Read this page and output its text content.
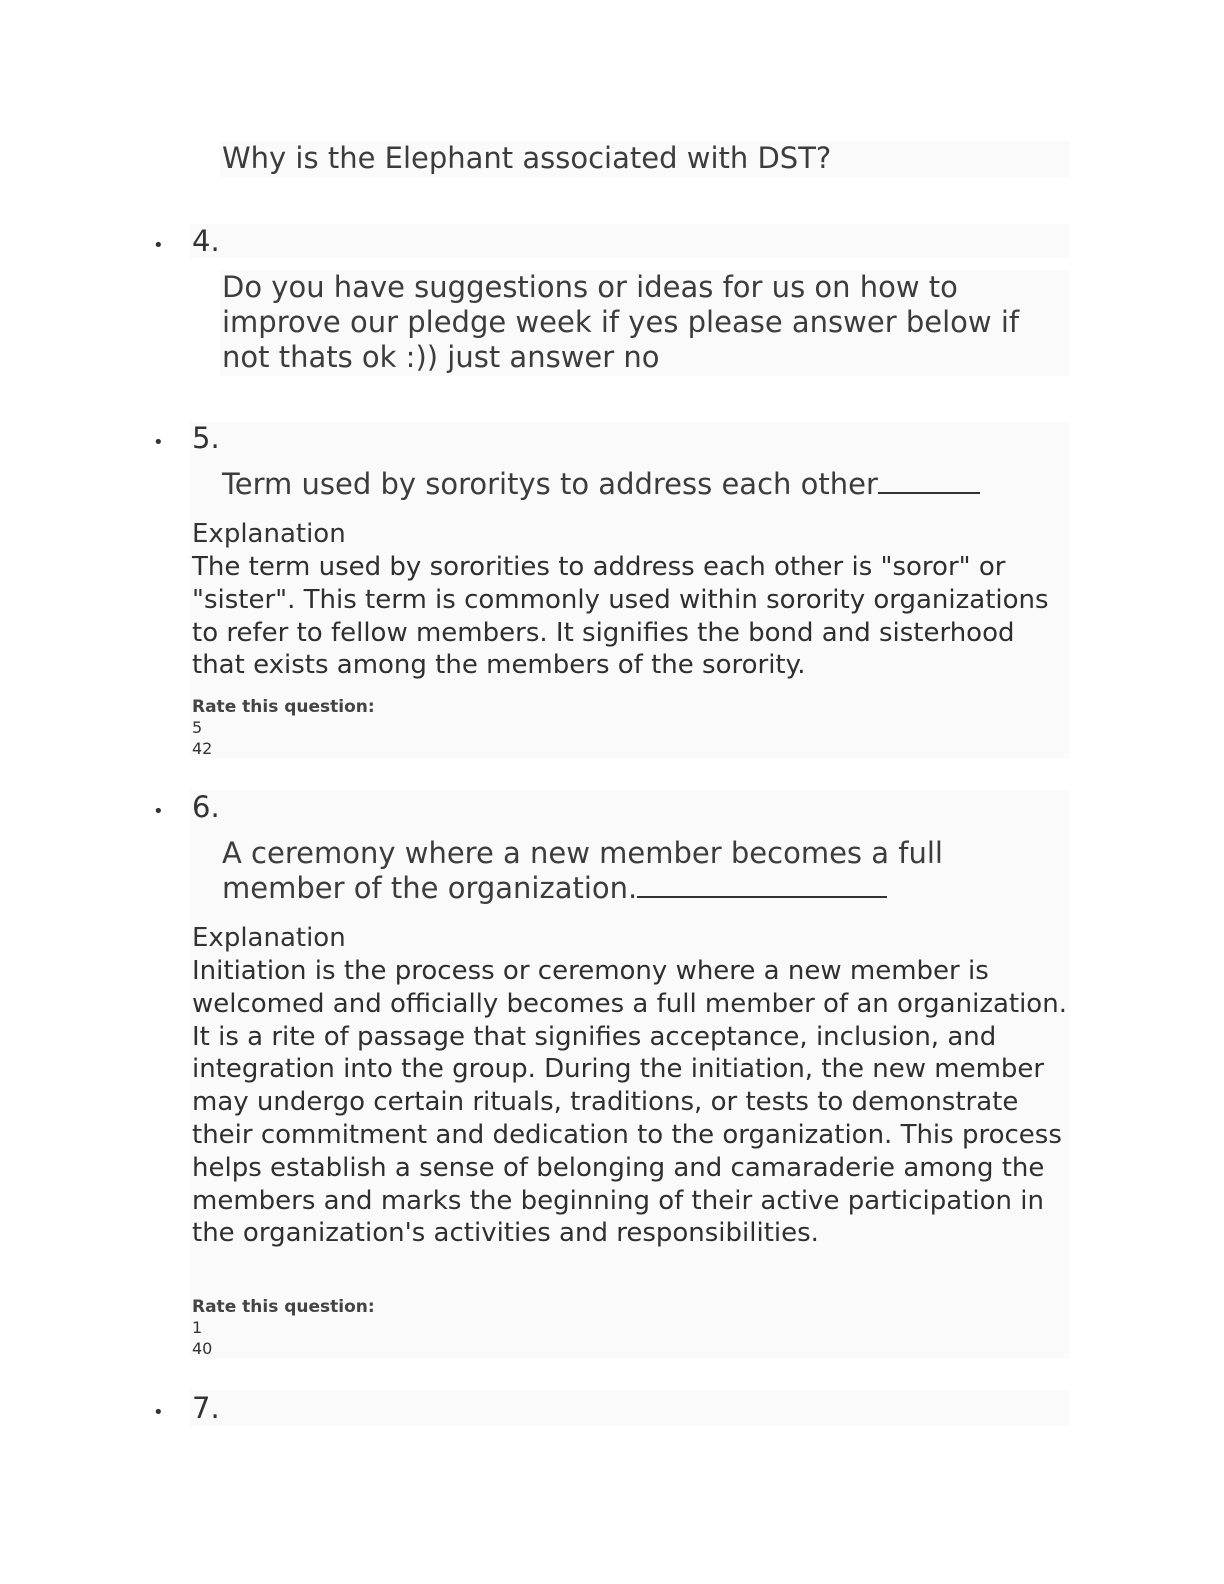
Why is the Elephant associated with DST?

• 4.

Do you have suggestions or ideas for us on how to improve our pledge week if yes please answer below if not thats ok :)) just answer no

• 5.

Term used by sororitys to address each other

Explanation

The term used by sororities to address each other is "soror" or "sister". This term is commonly used within sorority organizations to refer to fellow members. It signifies the bond and sisterhood that exists among the members of the sorority.

Rate this question:

5

42

• 6.

A ceremony where a new member becomes a full member of the organization.

Explanation

Initiation is the process or ceremony where a new member is welcomed and officially becomes a full member of an organization. It is a rite of passage that signifies acceptance, inclusion, and integration into the group. During the initiation, the new member may undergo certain rituals, traditions, or tests to demonstrate their commitment and dedication to the organization. This process helps establish a sense of belonging and camaraderie among the members and marks the beginning of their active participation in the organization's activities and responsibilities.

Rate this question:

1

40

• 7.
